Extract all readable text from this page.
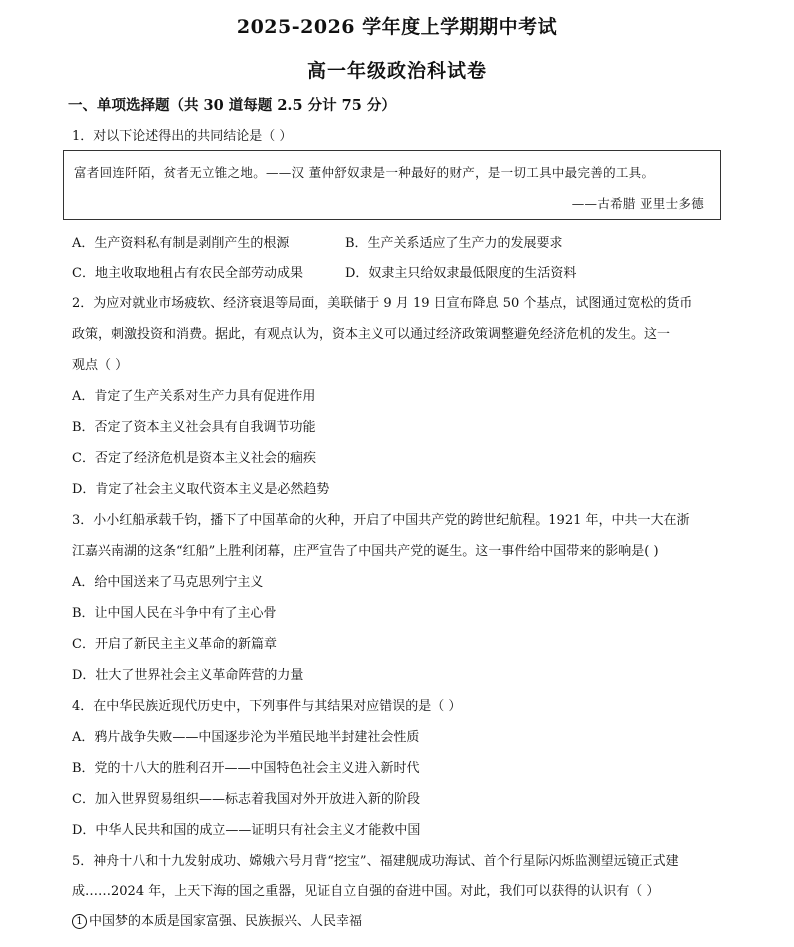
2025-2026 学年度上学期期中考试
高一年级政治科试卷
一、单项选择题（共 30 道每题 2.5 分计 75 分）
1．对以下论述得出的共同结论是（ ）
富者回连阡陌，贫者无立锥之地。——汉 董仲舒奴隶是一种最好的财产，是一切工具中最完善的工具。
——古希腊 亚里士多德
A．生产资料私有制是剥削产生的根源	B．生产关系适应了生产力的发展要求
C．地主收取地租占有农民全部劳动成果	D．奴隶主只给奴隶最低限度的生活资料
2．为应对就业市场疲软、经济衰退等局面，美联储于 9 月 19 日宣布降息 50 个基点，试图通过宽松的货币
政策，刺激投资和消费。据此，有观点认为，资本主义可以通过经济政策调整避免经济危机的发生。这一
观点（ ）
A．肯定了生产关系对生产力具有促进作用
B．否定了资本主义社会具有自我调节功能
C．否定了经济危机是资本主义社会的痼疾
D．肯定了社会主义取代资本主义是必然趋势
3．小小红船承载千钧，播下了中国革命的火种，开启了中国共产党的跨世纪航程。1921 年，中共一大在浙
江嘉兴南湖的这条“红船”上胜利闭幕，庄严宣告了中国共产党的诞生。这一事件给中国带来的影响是( )
A．给中国送来了马克思列宁主义
B．让中国人民在斗争中有了主心骨
C．开启了新民主主义革命的新篇章
D．壮大了世界社会主义革命阵营的力量
4．在中华民族近现代历史中，下列事件与其结果对应错误的是（ ）
A．鸦片战争失败——中国逐步沦为半殖民地半封建社会性质
B．党的十八大的胜利召开——中国特色社会主义进入新时代
C．加入世界贸易组织——标志着我国对外开放进入新的阶段
D．中华人民共和国的成立——证明只有社会主义才能救中国
5．神舟十八和十九发射成功、嫦娥六号月背“挖宝”、福建舰成功海试、首个行星际闪烁监测望远镜正式建
成……2024 年，上天下海的国之重器，见证自立自强的奋进中国。对此，我们可以获得的认识有（ ）
1 中国梦的本质是国家富强、民族振兴、人民幸福
